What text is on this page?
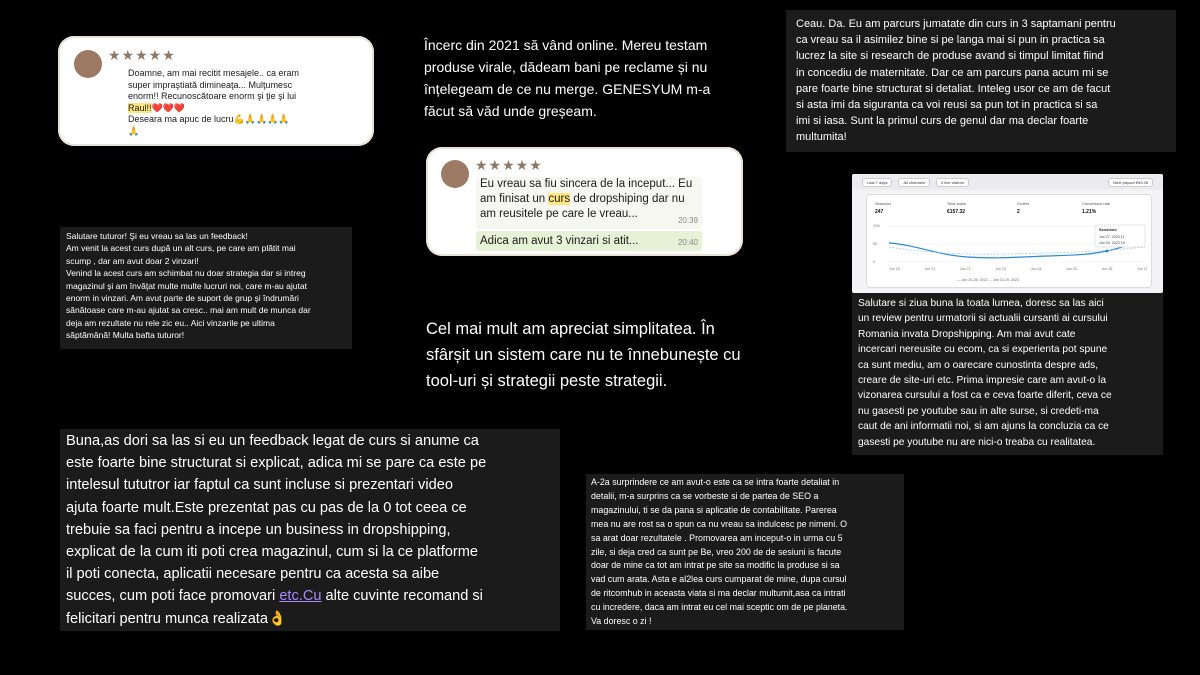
★★★★★
Doamne, am mai recitit mesajele.. ca eram
super impraştiată dimineaţa... Mulţumesc
enorm!! Recunoscătoare enorm şi ţie şi lui
Raul!!❤️❤️❤️
Deseara ma apuc de lucru💪🙏🙏🙏🙏
🙏
Încerc din 2021 să vând online. Mereu testam
produse virale, dădeam bani pe reclame și nu
înțelegeam de ce nu merge. GENESYUM m-a
făcut să văd unde greșeam.
Ceau. Da. Eu am parcurs jumatate din curs in 3 saptamani pentru
ca vreau sa il asimilez bine si pe langa mai si pun in practica sa
lucrez la site si research de produse avand si timpul limitat fiind
in concediu de maternitate. Dar ce am parcurs pana acum mi se
pare foarte bine structurat si detaliat. Inteleg usor ce am de facut
si asta imi da siguranta ca voi reusi sa pun tot in practica si sa
imi si iasa. Sunt la primul curs de genul dar ma declar foarte
multumita!
★★★★★
Eu vreau sa fiu sincera de la inceput... Eu
am finisat un curs de dropshiping dar nu
am reusitele pe care le vreau...
20:39
Adica am avut 3 vinzari si atit...	20:40
Last 7 days	All channels	0 live visitors	Next payout €59.28
Sessions
247
Total sales
€157.32
Orders
2
Conversion rate
1.21%
100
50
0
Sessions
Jun 27, 2023 11
Jun 20, 2023 18
Jun 20	Jun 21	Jun 22	Jun 23	Jun 24	Jun 25	Jun 26	Jun 27
— Jun 20-26, 2023 - - Jun 13-19, 2023
Salutare tuturor! Şi eu vreau sa las un feedback!
Am venit la acest curs după un alt curs, pe care am plătit mai
scump , dar am avut doar 2 vinzari!
Venind la acest curs am schimbat nu doar strategia dar si intreg
magazinul şi am învăţat multe multe lucruri noi, care m-au ajutat
enorm in vinzari. Am avut parte de suport de grup şi îndrumări
sănătoase care m-au ajutat sa cresc.. mai am mult de munca dar
deja am rezultate nu rele zic eu.. Aici vinzarile pe ultima
săptămână! Multa bafta tuturor!	Cel mai mult am apreciat simplitatea. În
sfârșit un sistem care nu te înnebunește cu
tool-uri și strategii peste strategii.
Salutare si ziua buna la toata lumea, doresc sa las aici
un review pentru urmatorii si actualii cursanti ai cursului
Romania invata Dropshipping. Am mai avut cate
incercari nereusite cu ecom, ca si experienta pot spune
ca sunt mediu, am o oarecare cunostinta despre ads,
creare de site-uri etc. Prima impresie care am avut-o la
vizonarea cursului a fost ca e ceva foarte diferit, ceva ce
nu gasesti pe youtube sau in alte surse, si credeti-ma
caut de ani informatii noi, si am ajuns la concluzia ca ce
gasesti pe youtube nu are nici-o treaba cu realitatea.
Buna,as dori sa las si eu un feedback legat de curs si anume ca
este foarte bine structurat si explicat, adica mi se pare ca este pe
intelesul tututror iar faptul ca sunt incluse si prezentari video
ajuta foarte mult.Este prezentat pas cu pas de la 0 tot ceea ce
trebuie sa faci pentru a incepe un business in dropshipping,
explicat de la cum iti poti crea magazinul, cum si la ce platforme
il poti conecta, aplicatii necesare pentru ca acesta sa aibe
succes, cum poti face promovari etc.Cu alte cuvinte recomand si
felicitari pentru munca realizata👌
A-2a surprindere ce am avut-o este ca se intra foarte detaliat in
detalii, m-a surprins ca se vorbeste si de partea de SEO a
magazinului, ti se da pana si aplicatie de contabilitate. Parerea
mea nu are rost sa o spun ca nu vreau sa indulcesc pe nimeni. O
sa arat doar rezultatele . Promovarea am inceput-o in urma cu 5
zile, si deja cred ca sunt pe Be, vreo 200 de de sesiuni is facute
doar de mine ca tot am intrat pe site sa modific la produse si sa
vad cum arata. Asta e al2lea curs cumparat de mine, dupa cursul
de ritcomhub in aceasta viata si ma declar multumit,asa ca intrati
cu incredere, daca am intrat eu cel mai sceptic om de pe planeta.
Va doresc o zi !
